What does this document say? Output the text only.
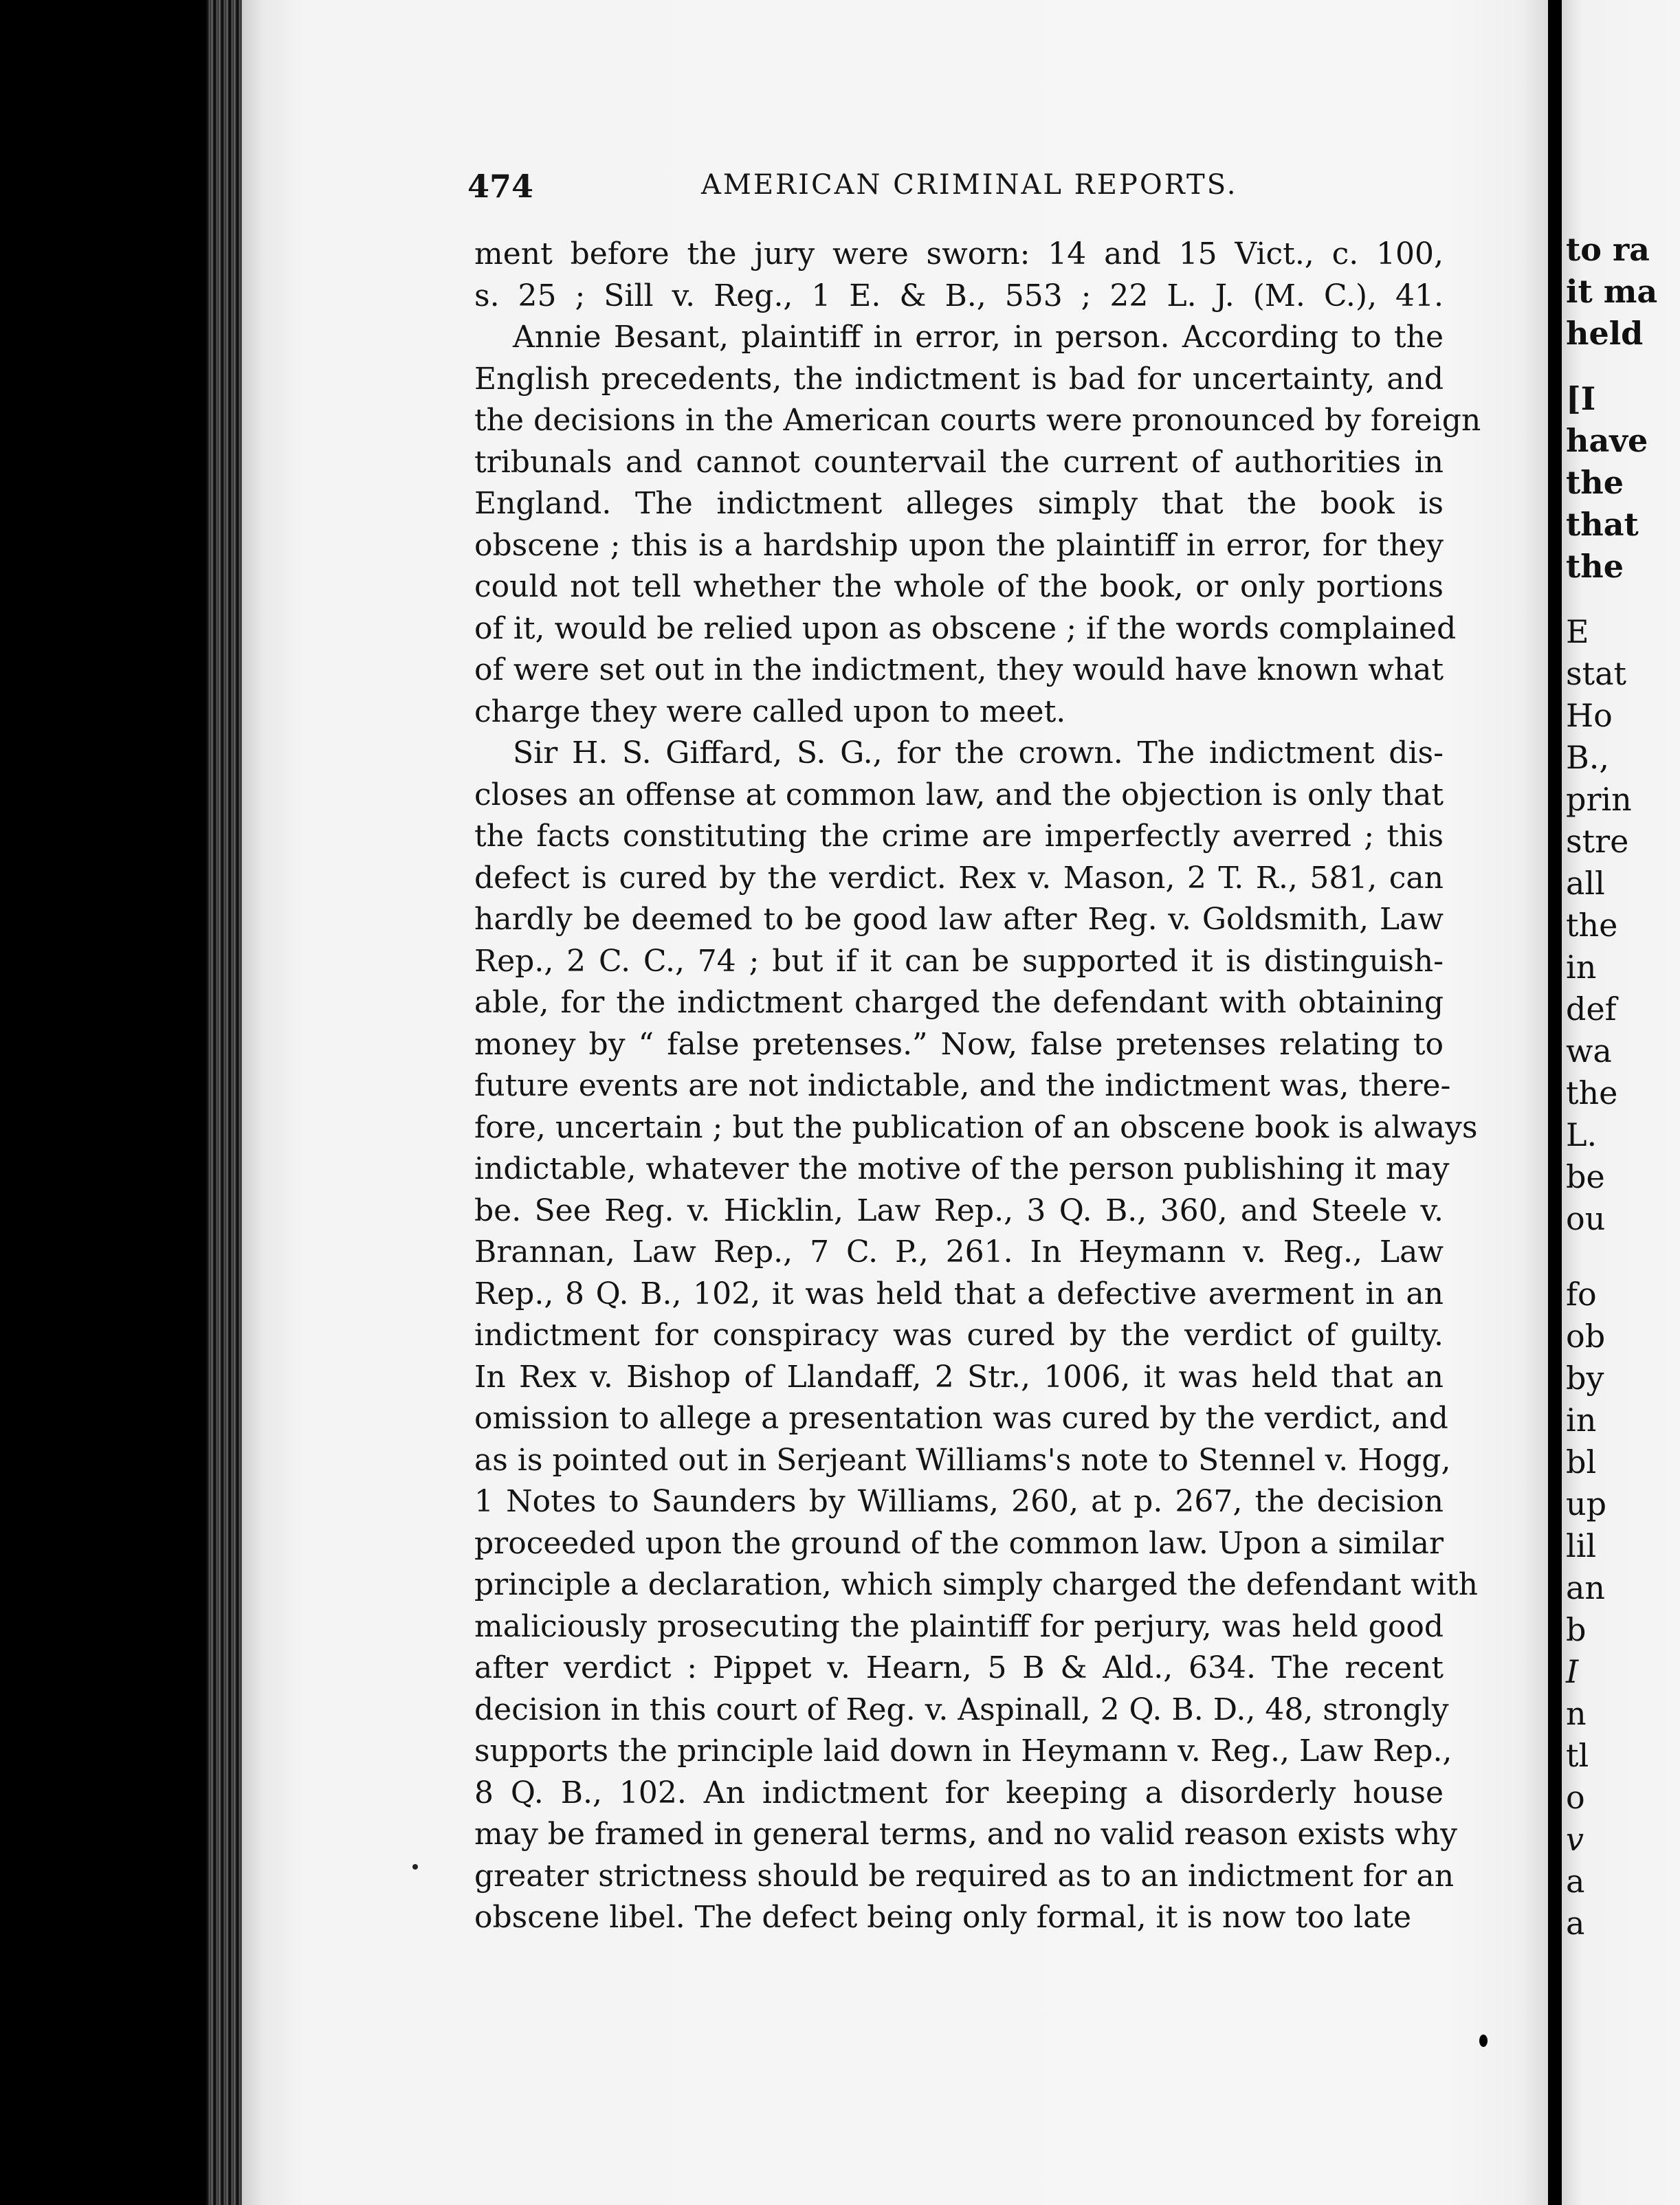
474	AMERICAN CRIMINAL REPORTS.
ment before the jury were sworn: 14 and 15 Vict., c. 100,
s. 25 ; Sill v. Reg., 1 E. & B., 553 ; 22 L. J. (M. C.), 41.
Annie Besant, plaintiff in error, in person. According to the
English precedents, the indictment is bad for uncertainty, and
the decisions in the American courts were pronounced by foreign
tribunals and cannot countervail the current of authorities in
England. The indictment alleges simply that the book is
obscene ; this is a hardship upon the plaintiff in error, for they
could not tell whether the whole of the book, or only portions
of it, would be relied upon as obscene ; if the words complained
of were set out in the indictment, they would have known what
charge they were called upon to meet.
Sir H. S. Giffard, S. G., for the crown. The indictment dis-
closes an offense at common law, and the objection is only that
the facts constituting the crime are imperfectly averred ; this
defect is cured by the verdict. Rex v. Mason, 2 T. R., 581, can
hardly be deemed to be good law after Reg. v. Goldsmith, Law
Rep., 2 C. C., 74 ; but if it can be supported it is distinguish-
able, for the indictment charged the defendant with obtaining
money by “ false pretenses.” Now, false pretenses relating to
future events are not indictable, and the indictment was, there-
fore, uncertain ; but the publication of an obscene book is always
indictable, whatever the motive of the person publishing it may
be. See Reg. v. Hicklin, Law Rep., 3 Q. B., 360, and Steele v.
Brannan, Law Rep., 7 C. P., 261. In Heymann v. Reg., Law
Rep., 8 Q. B., 102, it was held that a defective averment in an
indictment for conspiracy was cured by the verdict of guilty.
In Rex v. Bishop of Llandaff, 2 Str., 1006, it was held that an
omission to allege a presentation was cured by the verdict, and
as is pointed out in Serjeant Williams's note to Stennel v. Hogg,
1 Notes to Saunders by Williams, 260, at p. 267, the decision
proceeded upon the ground of the common law. Upon a similar
principle a declaration, which simply charged the defendant with
maliciously prosecuting the plaintiff for perjury, was held good
after verdict : Pippet v. Hearn, 5 B & Ald., 634. The recent
decision in this court of Reg. v. Aspinall, 2 Q. B. D., 48, strongly
supports the principle laid down in Heymann v. Reg., Law Rep.,
8 Q. B., 102. An indictment for keeping a disorderly house
may be framed in general terms, and no valid reason exists why
greater strictness should be required as to an indictment for an
obscene libel. The defect being only formal, it is now too late
to ra
it ma
held
[I
have
the
that
the
E
stat
Ho
B.,
prin
stre
all
the
in
def
wa
the
L.
be
ou
fo
ob
by
in
bl
up
lil
an
b
I
n
tl
o
v
a
a
